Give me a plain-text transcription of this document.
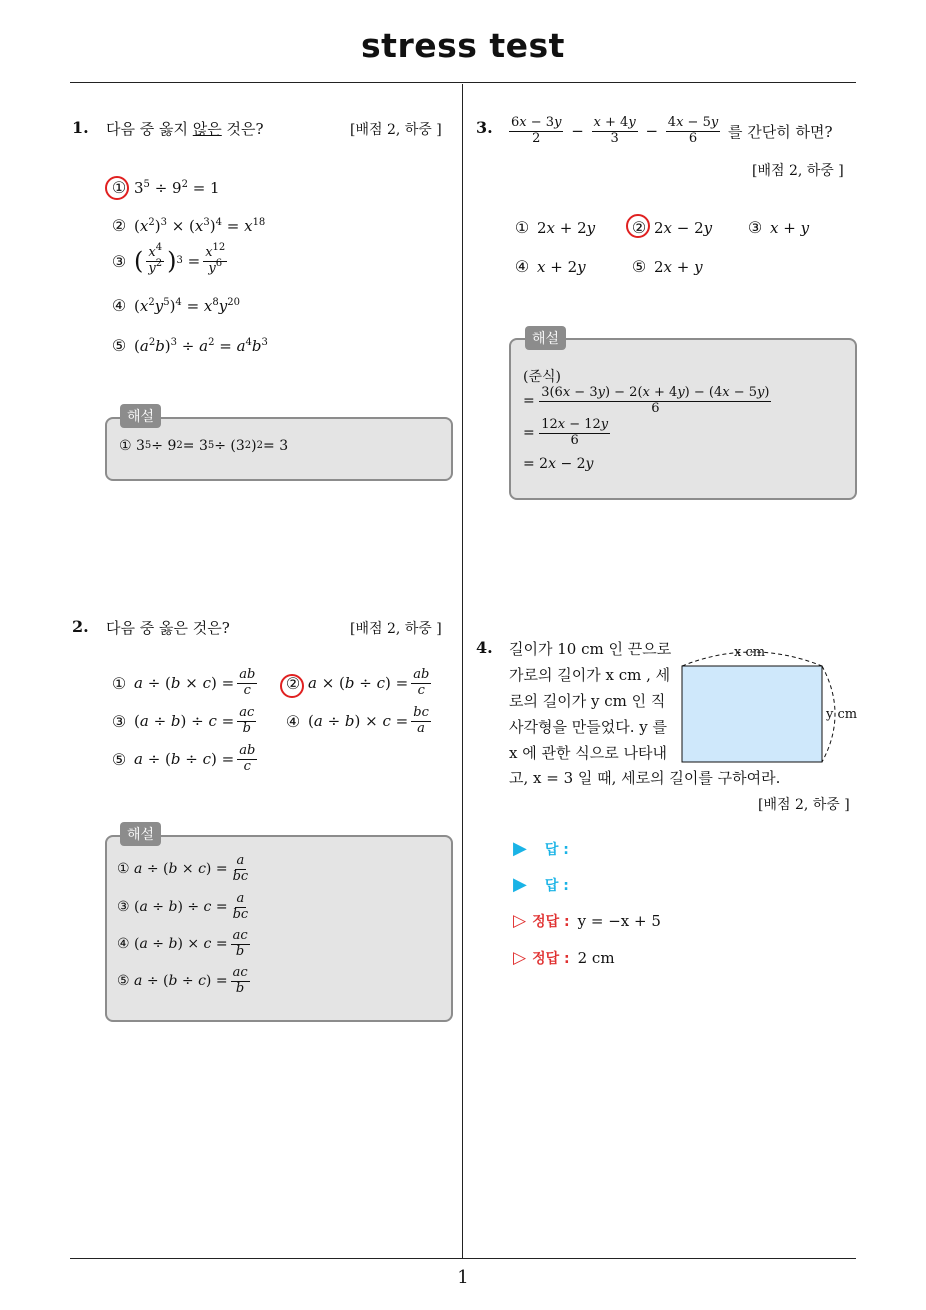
stress test
1
1. 다음 중 옳지 않은 것은?	[배점 2, 하중 ]
① $3^5 \div 9^2 = 1$
② $(x^2)^3 \times (x^3)^4 = x^{18}$
③ ( $\frac{x^4}{y^2}$ ) $3 = \frac{x^{12}}{y^6}$
④ $(x^2y^5)^4 = x^8y^{20}$
⑤ $(a^2b)^3 \div a^2 = a^4b^3$
해설
① 3 5 ÷ 9 2 = 3 5 ÷ (3 2 ) 2 = 3
2. 다음 중 옳은 것은?	[배점 2, 하중 ]
① $a \div (b \times c) = \frac{ab}{c}$ ② $a \times (b \div c) = \frac{ab}{c}$
③ $(a \div b) \div c = \frac{ac}{b}$ ④ $(a \div b) \times c = \frac{bc}{a}$
⑤ $a \div (b \div c) = \frac{ab}{c}$
해설
①
a ÷ ( b × c ) = $\frac{a}{bc}$
③ ( a ÷ b ) ÷ $c = \frac{a}{bc}$
④ ( a ÷ b ) × $c = \frac{ac}{b}$
⑤
a ÷ ( b ÷ c ) = $\frac{ac}{b}$
3. $\frac{6x - 3y}{2} - \frac{x + 4y}{3} - \frac{4x - 5y}{6}$
를 간단히 하면?
[배점 2, 하중 ]
① 2x + 2y ② 2x − 2y ③ x + y
④ x + 2y	⑤ 2x + y
해설
(준식)
= $\frac{3(6x - 3y) - 2(x + 4y) - (4x - 5y)}{6}$
= $\frac{12x - 12y}{6}$
= 2 x − 2 y
4. 길이가 10 cm 인 끈으로
가로의 길이가 x cm , 세
로의 길이가 y cm 인 직
사각형을 만들었다. y 를
x 에 관한 식으로 나타내
고, x = 3 일 때, 세로의 길이를 구하여라.
[배점 2, 하중 ]
x cm
y cm
▶ 답 :

▶ 답 :

▷ 정답 : y = −x + 5
▷ 정답 : 2 cm
